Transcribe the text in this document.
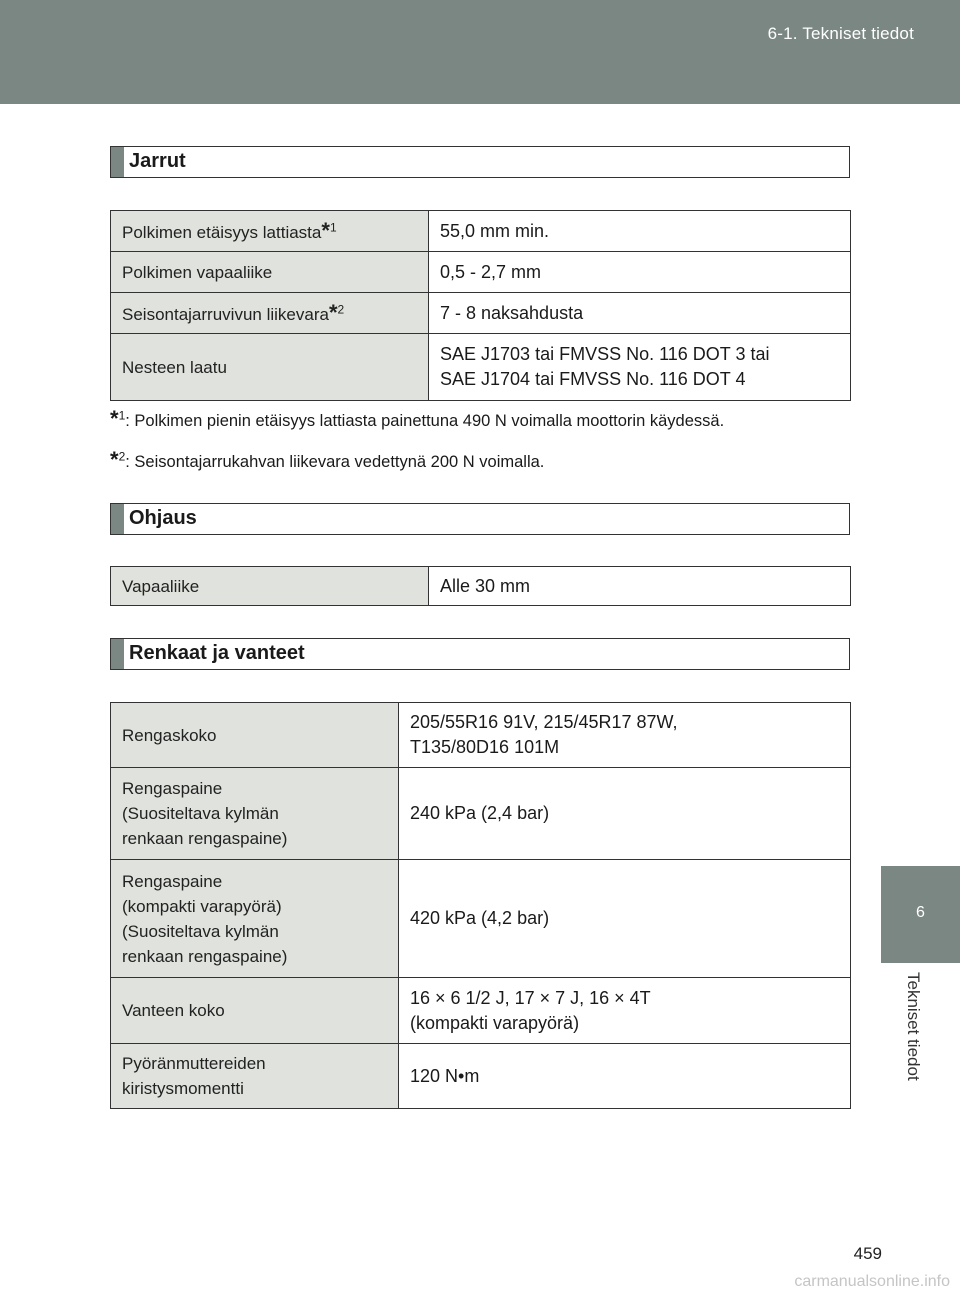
6-1. Tekniset tiedot
6
Tekniset tiedot
Jarrut
Polkimen etäisyys lattiasta*$^1$	55,0 mm min.
Polkimen vapaaliike	0,5 - 2,7 mm
Seisontajarruvivun liikevara*$^2$	7 - 8 naksahdusta
Nesteen laatu	SAE J1703 tai FMVSS No. 116 DOT 3 tai
SAE J1704 tai FMVSS No. 116 DOT 4
*$^1$: Polkimen pienin etäisyys lattiasta painettuna 490 N voimalla moottorin käydessä.
*$^2$: Seisontajarrukahvan liikevara vedettynä 200 N voimalla.
Ohjaus
Vapaaliike	Alle 30 mm
Renkaat ja vanteet
Rengaskoko	205/55R16 91V, 215/45R17 87W,
T135/80D16 101M

Rengaspaine
(Suositeltava kylmän
renkaan rengaspaine)	240 kPa (2,4 bar)

Rengaspaine
(kompakti varapyörä)
(Suositeltava kylmän
renkaan rengaspaine)	420 kPa (4,2 bar)
Vanteen koko	16 × 6 1/2 J, 17 × 7 J, 16 × 4T
(kompakti varapyörä)

Pyöränmuttereiden
kiristysmomentti	120 N•m
459
carmanualsonline.info
